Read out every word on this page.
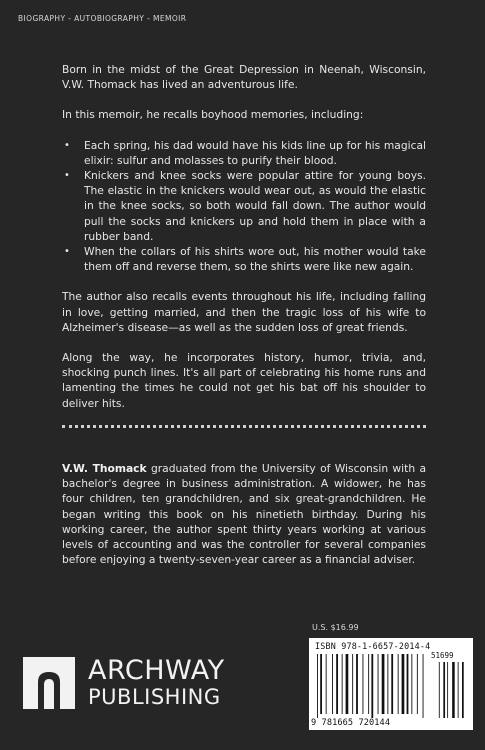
BIOGRAPHY - AUTOBIOGRAPHY - MEMOIR

Born in the midst of the Great Depression in Neenah, Wisconsin, V.W. Thomack has lived an adventurous life.

In this memoir, he recalls boyhood memories, including:

• Each spring, his dad would have his kids line up for his magical elixir: sulfur and molasses to purify their blood.
• Knickers and knee socks were popular attire for young boys. The elastic in the knickers would wear out, as would the elastic in the knee socks, so both would fall down. The author would pull the socks and knickers up and hold them in place with a rubber band.
• When the collars of his shirts wore out, his mother would take them off and reverse them, so the shirts were like new again.

The author also recalls events throughout his life, including falling in love, getting married, and then the tragic loss of his wife to Alzheimer's disease—as well as the sudden loss of great friends.

Along the way, he incorporates history, humor, trivia, and, shocking punch lines. It's all part of celebrating his home runs and lamenting the times he could not get his bat off his shoulder to deliver hits.

V.W. Thomack graduated from the University of Wisconsin with a bachelor's degree in business administration. A widower, he has four children, ten grandchildren, and six great-grandchildren. He began writing this book on his ninetieth birthday. During his working career, the author spent thirty years working at various levels of accounting and was the controller for several companies before enjoying a twenty-seven-year career as a financial adviser.
U.S. $16.99
ISBN 978-1-6657-2014-4
51699
9 781665 720144
ARCHWAY
PUBLISHING
